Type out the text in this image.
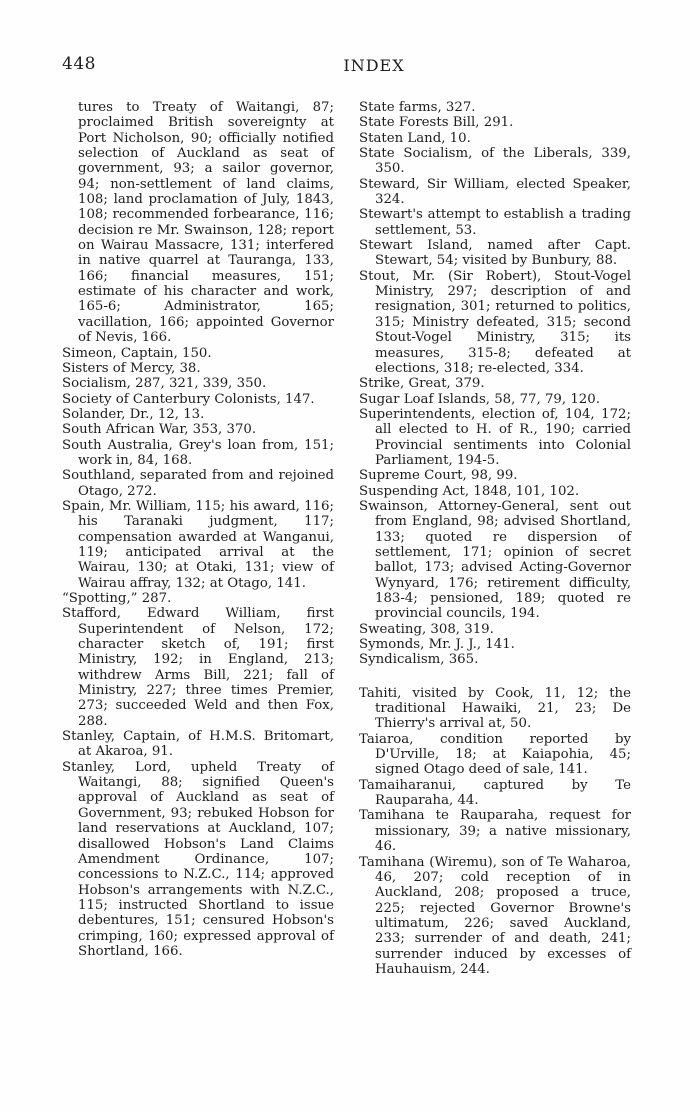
448	INDEX

tures to Treaty of Waitangi, 87; proclaimed British sovereignty at Port Nicholson, 90; officially notified selection of Auckland as seat of government, 93; a sailor governor, 94; non-settlement of land claims, 108; land proclamation of July, 1843, 108; recommended forbearance, 116; decision re Mr. Swainson, 128; report on Wairau Massacre, 131; interfered in native quarrel at Tauranga, 133, 166; financial measures, 151; estimate of his character and work, 165-6; Administrator, 165; vacillation, 166; appointed Governor of Nevis, 166.

Simeon, Captain, 150.

Sisters of Mercy, 38.

Socialism, 287, 321, 339, 350.

Society of Canterbury Colonists, 147.

Solander, Dr., 12, 13.

South African War, 353, 370.

South Australia, Grey's loan from, 151; work in, 84, 168.

Southland, separated from and rejoined Otago, 272.

Spain, Mr. William, 115; his award, 116; his Taranaki judgment, 117; compensation awarded at Wanganui, 119; anticipated arrival at the Wairau, 130; at Otaki, 131; view of Wairau affray, 132; at Otago, 141.

“Spotting,” 287.

Stafford, Edward William, first Superintendent of Nelson, 172; character sketch of, 191; first Ministry, 192; in England, 213; withdrew Arms Bill, 221; fall of Ministry, 227; three times Premier, 273; succeeded Weld and then Fox, 288.

Stanley, Captain, of H.M.S. Britomart, at Akaroa, 91.

Stanley, Lord, upheld Treaty of Waitangi, 88; signified Queen's approval of Auckland as seat of Government, 93; rebuked Hobson for land reservations at Auckland, 107; disallowed Hobson's Land Claims Amendment Ordinance, 107; concessions to N.Z.C., 114; approved Hobson's arrangements with N.Z.C., 115; instructed Shortland to issue debentures, 151; censured Hobson's crimping, 160; expressed approval of Shortland, 166.

State farms, 327.

State Forests Bill, 291.

Staten Land, 10.

State Socialism, of the Liberals, 339, 350.

Steward, Sir William, elected Speaker, 324.

Stewart's attempt to establish a trading settlement, 53.

Stewart Island, named after Capt. Stewart, 54; visited by Bunbury, 88.

Stout, Mr. (Sir Robert), Stout-Vogel Ministry, 297; description of and resignation, 301; returned to politics, 315; Ministry defeated, 315; second Stout-Vogel Ministry, 315; its measures, 315-8; defeated at elections, 318; re-elected, 334.

Strike, Great, 379.

Sugar Loaf Islands, 58, 77, 79, 120.

Superintendents, election of, 104, 172; all elected to H. of R., 190; carried Provincial sentiments into Colonial Parliament, 194-5.

Supreme Court, 98, 99.

Suspending Act, 1848, 101, 102.

Swainson, Attorney-General, sent out from England, 98; advised Shortland, 133; quoted re dispersion of settlement, 171; opinion of secret ballot, 173; advised Acting-Governor Wynyard, 176; retirement difficulty, 183-4; pensioned, 189; quoted re provincial councils, 194.

Sweating, 308, 319.

Symonds, Mr. J. J., 141.

Syndicalism, 365.

Tahiti, visited by Cook, 11, 12; the traditional Hawaiki, 21, 23; De Thierry's arrival at, 50.

Taiaroa, condition reported by D'Urville, 18; at Kaiapohia, 45; signed Otago deed of sale, 141.

Tamaiharanui, captured by Te Rauparaha, 44.

Tamihana te Rauparaha, request for missionary, 39; a native missionary, 46.

Tamihana (Wiremu), son of Te Waharoa, 46, 207; cold reception of in Auckland, 208; proposed a truce, 225; rejected Governor Browne's ultimatum, 226; saved Auckland, 233; surrender of and death, 241; surrender induced by excesses of Hauhauism, 244.
